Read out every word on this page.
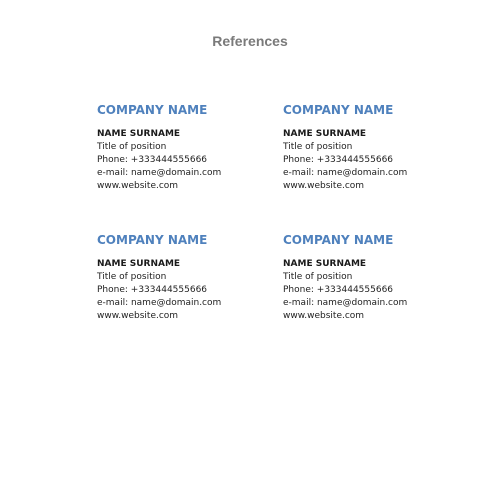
References

COMPANY NAME

NAME SURNAME

Title of position

Phone: +333444555666

e-mail: name@domain.com

www.website.com

COMPANY NAME

NAME SURNAME

Title of position

Phone: +333444555666

e-mail: name@domain.com

www.website.com

COMPANY NAME

NAME SURNAME

Title of position

Phone: +333444555666

e-mail: name@domain.com

www.website.com

COMPANY NAME

NAME SURNAME

Title of position

Phone: +333444555666

e-mail: name@domain.com

www.website.com
